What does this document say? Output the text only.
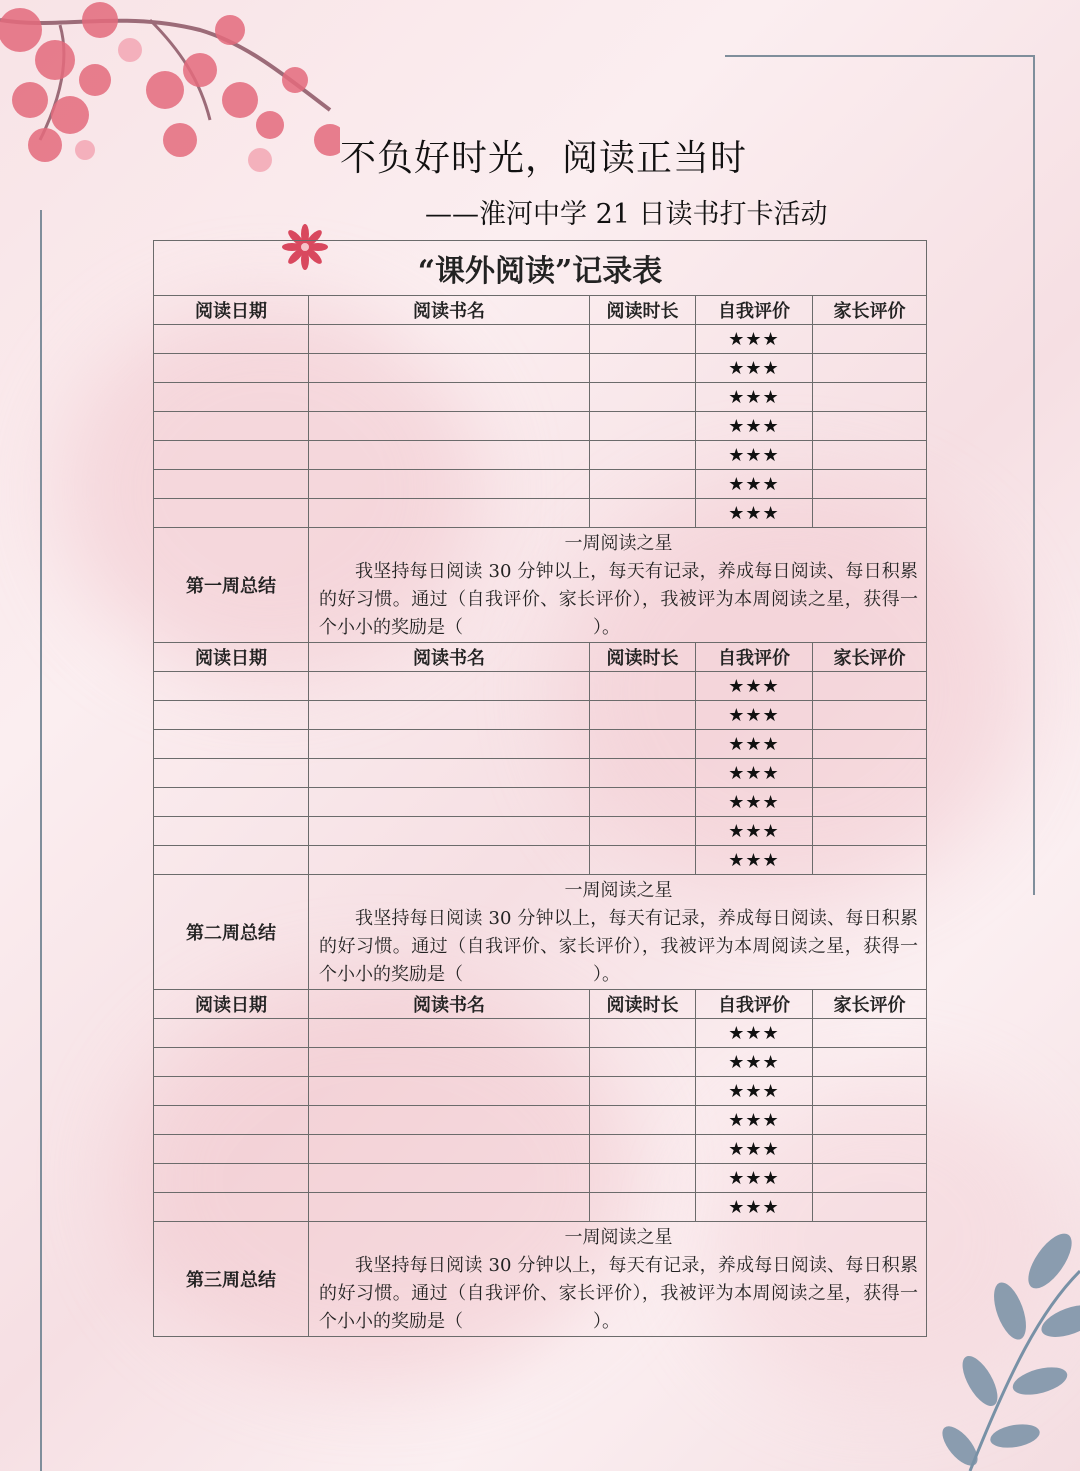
不负好时光，阅读正当时
——淮河中学 21 日读书打卡活动
“课外阅读”记录表				
阅读日期	阅读书名	阅读时长	自我评价	家长评价
			★★★	
			★★★	
			★★★	
			★★★	
			★★★	
			★★★	
			★★★	
第一周总结	一周阅读之星
我坚持每日阅读 30 分钟以上，每天有记录，养成每日阅读、每日积累的好习惯。通过（自我评价、家长评价），我被评为本周阅读之星，获得一个小小的奖励是（ ）。			

阅读日期	阅读书名	阅读时长	自我评价	家长评价
			★★★	
			★★★	
			★★★	
			★★★	
			★★★	
			★★★	
			★★★	
第二周总结	一周阅读之星
我坚持每日阅读 30 分钟以上，每天有记录，养成每日阅读、每日积累的好习惯。通过（自我评价、家长评价），我被评为本周阅读之星，获得一个小小的奖励是（ ）。			

阅读日期	阅读书名	阅读时长	自我评价	家长评价
			★★★	
			★★★	
			★★★	
			★★★	
			★★★	
			★★★	
			★★★	
第三周总结	一周阅读之星
我坚持每日阅读 30 分钟以上，每天有记录，养成每日阅读、每日积累的好习惯。通过（自我评价、家长评价），我被评为本周阅读之星，获得一个小小的奖励是（ ）。			
